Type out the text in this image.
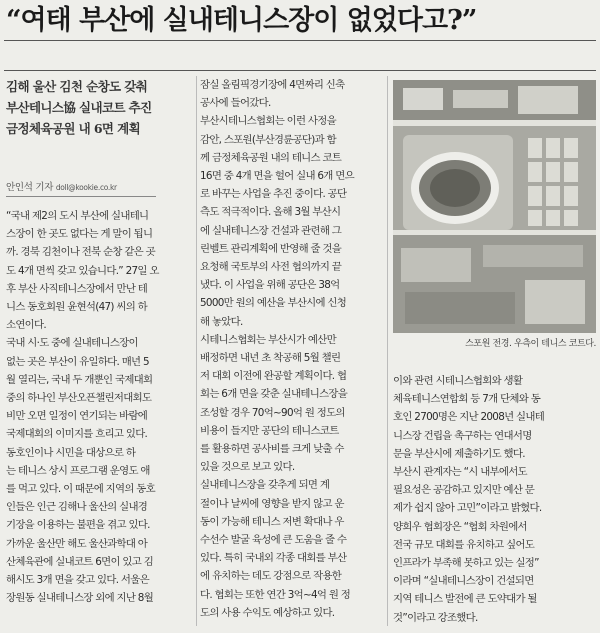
“여태 부산에 실내테니스장이 없었다고?”
김해 울산 김천 순창도 갖춰
부산테니스協 실내코트 추진
금정체육공원 내 6면 계획
안인석 기자 doll@kookie.co.kr
“국내 제2의 도시 부산에 실내테니
스장이 한 곳도 없다는 게 말이 됩니
까. 경북 김천이나 전북 순창 같은 곳
도 4개 면씩 갖고 있습니다.” 27일 오
후 부산 사직테니스장에서 만난 테
니스 동호회원 윤현석(47) 씨의 하
소연이다.
국내 시·도 중에 실내테니스장이
없는 곳은 부산이 유일하다. 매년 5
월 열리는, 국내 두 개뿐인 국제대회
중의 하나인 부산오픈챌린저대회도
비만 오면 일정이 연기되는 바람에
국제대회의 이미지를 흐리고 있다.
동호인이나 시민을 대상으로 하
는 테니스 상시 프로그램 운영도 애
를 먹고 있다. 이 때문에 지역의 동호
인들은 인근 김해나 울산의 실내경
기장을 이용하는 불편을 겪고 있다.
가까운 울산만 해도 울산과학대 아
산체육관에 실내코트 6면이 있고 김
해시도 3개 면을 갖고 있다. 서울은
장원동 실내테니스장 외에 지난 8월
잠실 올림픽경기장에 4면짜리 신축
공사에 들어갔다.
부산시테니스협회는 이런 사정을
감안, 스포원(부산경륜공단)과 함
께 금정체육공원 내의 테니스 코트
16면 중 4개 면을 헐어 실내 6개 면으
로 바꾸는 사업을 추진 중이다. 공단
측도 적극적이다. 올해 3월 부산시
에 실내테니스장 건설과 관련해 그
린벨트 관리계획에 반영해 줄 것을
요청해 국토부의 사전 협의까지 끝
냈다. 이 사업을 위해 공단은 38억
5000만 원의 예산을 부산시에 신청
해 놓았다.
시테니스협회는 부산시가 예산만
배정하면 내년 초 착공해 5월 챌린
저 대회 이전에 완공할 계획이다. 협
회는 6개 면을 갖춘 실내테니스장을
조성할 경우 70억~90억 원 정도의
비용이 들지만 공단의 테니스코트
를 활용하면 공사비를 크게 낮출 수
있을 것으로 보고 있다.
실내테니스장을 갖추게 되면 계
절이나 날씨에 영향을 받지 않고 운
동이 가능해 테니스 저변 확대나 우
수선수 발굴 육성에 큰 도움을 줄 수
있다. 특히 국내외 각종 대회를 부산
에 유치하는 데도 강점으로 작용한
다. 협회는 또한 연간 3억~4억 원 정
도의 사용 수익도 예상하고 있다.
스포원 전경. 우측이 테니스 코트다.
이와 관련 시테니스협회와 생활
체육테니스연합회 등 7개 단체와 동
호인 2700명은 지난 2008년 실내테
니스장 건립을 촉구하는 연대서명
문을 부산시에 제출하기도 했다.
부산시 관계자는 “시 내부에서도
필요성은 공감하고 있지만 예산 문
제가 쉽지 않아 고민”이라고 밝혔다.
양희우 협회장은 “협회 차원에서
전국 규모 대회를 유치하고 싶어도
인프라가 부족해 못하고 있는 실정”
이라며 “실내테니스장이 건설되면
지역 테니스 발전에 큰 도약대가 될
것”이라고 강조했다.
